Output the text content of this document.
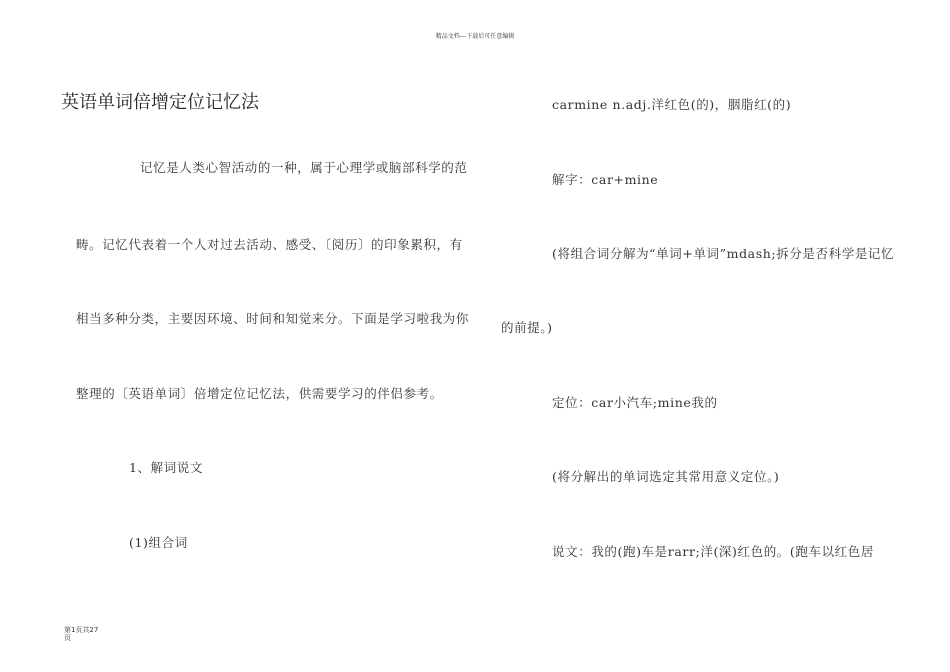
精品文档---下载后可任意编辑
英语单词倍增定位记忆法
记忆是人类心智活动的一种，属于心理学或脑部科学的范
畴。记忆代表着一个人对过去活动、感受、〔阅历〕的印象累积，有
相当多种分类，主要因环境、时间和知觉来分。下面是学习啦我为你
整理的〔英语单词〕倍增定位记忆法，供需要学习的伴侣参考。
1、解词说文
(1)组合词
carmine n.adj.洋红色(的)，胭脂红(的)
解字：car+mine
(将组合词分解为“单词+单词”mdash;拆分是否科学是记忆
的前提。)
定位：car小汽车;mine我的
(将分解出的单词选定其常用意义定位。)
说文：我的(跑)车是rarr;洋(深)红色的。(跑车以红色居
第1页共27
页
